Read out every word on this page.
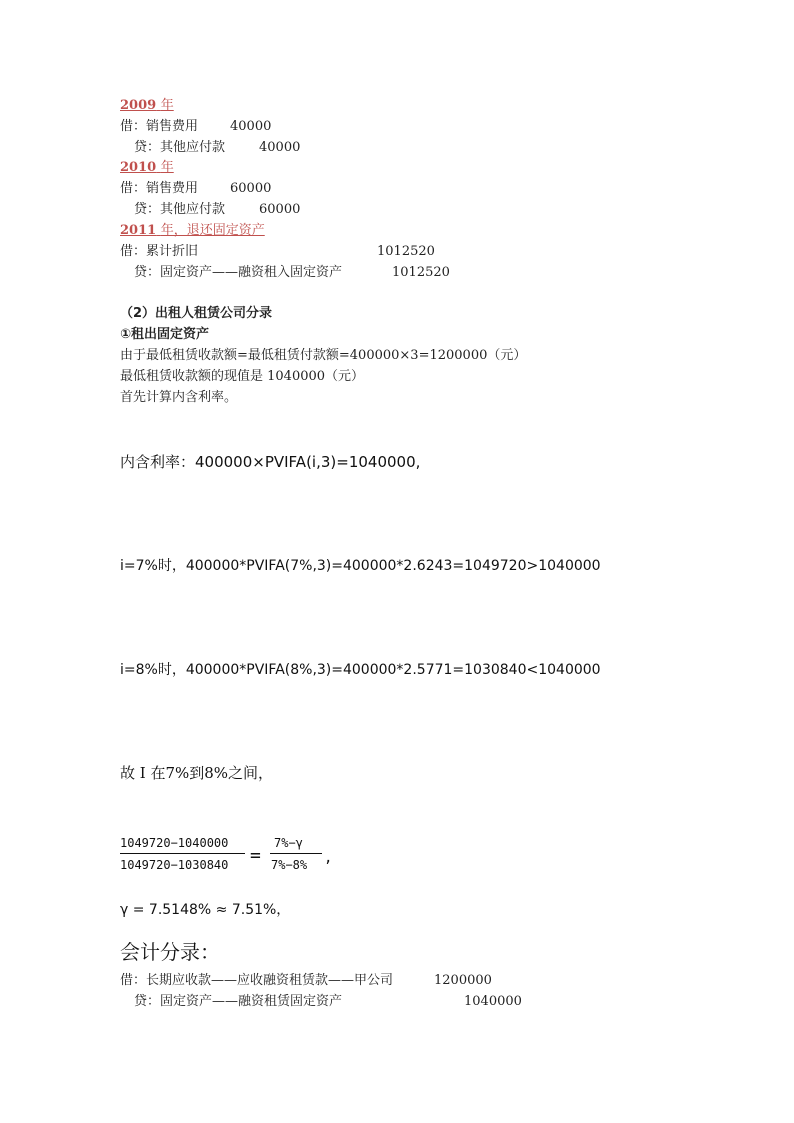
2009 年
借：销售费用 40000
贷：其他应付款	40000
2010 年
借：销售费用 60000
贷：其他应付款	60000
2011 年，退还固定资产
借：累计折旧	1012520
贷：固定资产——融资租入固定资产	1012520
（2）出租人租赁公司分录
①租出固定资产
由于最低租赁收款额=最低租赁付款额=400000×3=1200000（元）
最低租赁收款额的现值是 1040000（元）
首先计算内含利率。
内含利率：400000×PVIFA(i,3)=1040000,
i=7%时，400000*PVIFA(7%,3)=400000*2.6243=1049720>1040000
i=8%时，400000*PVIFA(8%,3)=400000*2.5771=1030840<1040000
故 I 在7%到8%之间，
1049720−1040000
1049720−1030840 =
7%−γ
7%−8% ,
γ = 7.5148% ≈ 7.51%，
会计分录：
借：长期应收款——应收融资租赁款——甲公司	1200000
贷：固定资产——融资租赁固定资产	1040000
